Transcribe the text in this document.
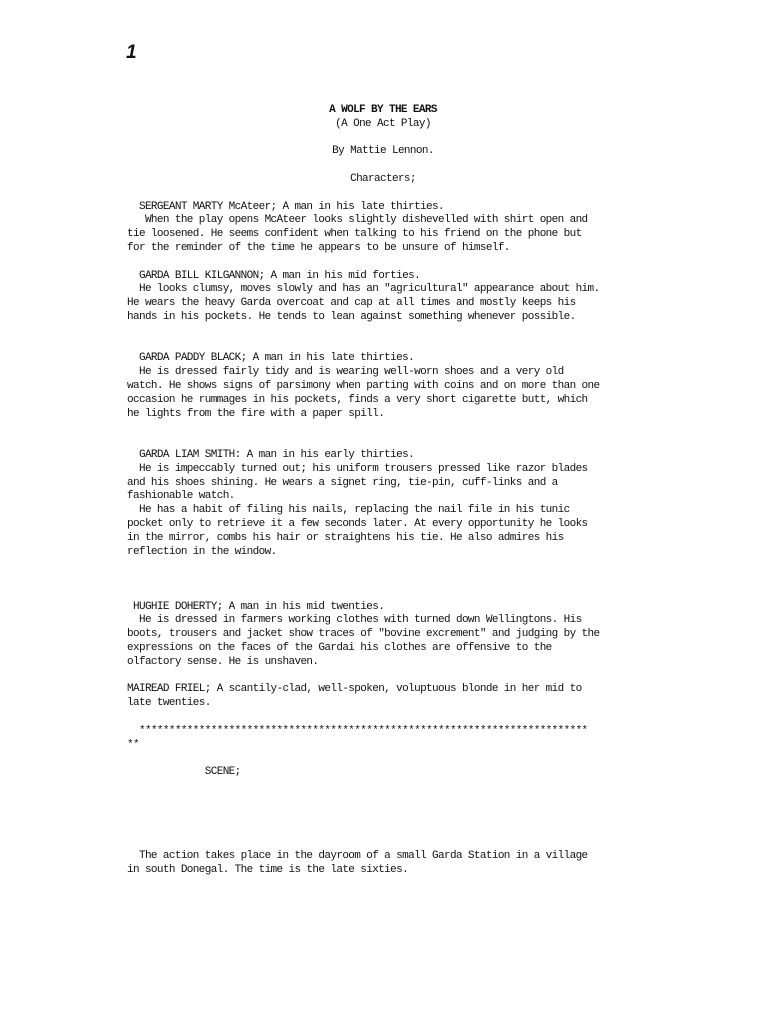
1
A WOLF BY THE EARS
(A One Act Play)
By Mattie Lennon.
Characters;
SERGEANT MARTY McAteer; A man in his late thirties.
When the play opens McAteer looks slightly dishevelled with shirt open and
tie loosened. He seems confident when talking to his friend on the phone but
for the reminder of the time he appears to be unsure of himself.
GARDA BILL KILGANNON; A man in his mid forties.
He looks clumsy, moves slowly and has an "agricultural" appearance about him.
He wears the heavy Garda overcoat and cap at all times and mostly keeps his
hands in his pockets. He tends to lean against something whenever possible.
GARDA PADDY BLACK; A man in his late thirties.
He is dressed fairly tidy and is wearing well-worn shoes and a very old
watch. He shows signs of parsimony when parting with coins and on more than one
occasion he rummages in his pockets, finds a very short cigarette butt, which
he lights from the fire with a paper spill.
GARDA LIAM SMITH: A man in his early thirties.
He is impeccably turned out; his uniform trousers pressed like razor blades
and his shoes shining. He wears a signet ring, tie-pin, cuff-links and a
fashionable watch.
He has a habit of filing his nails, replacing the nail file in his tunic
pocket only to retrieve it a few seconds later. At every opportunity he looks
in the mirror, combs his hair or straightens his tie. He also admires his
reflection in the window.
HUGHIE DOHERTY; A man in his mid twenties.
He is dressed in farmers working clothes with turned down Wellingtons. His
boots, trousers and jacket show traces of "bovine excrement" and judging by the
expressions on the faces of the Gardai his clothes are offensive to the
olfactory sense. He is unshaven.
MAIREAD FRIEL; A scantily-clad, well-spoken, voluptuous blonde in her mid to
late twenties.
***************************************************************************
**
SCENE;
The action takes place in the dayroom of a small Garda Station in a village
in south Donegal. The time is the late sixties.
